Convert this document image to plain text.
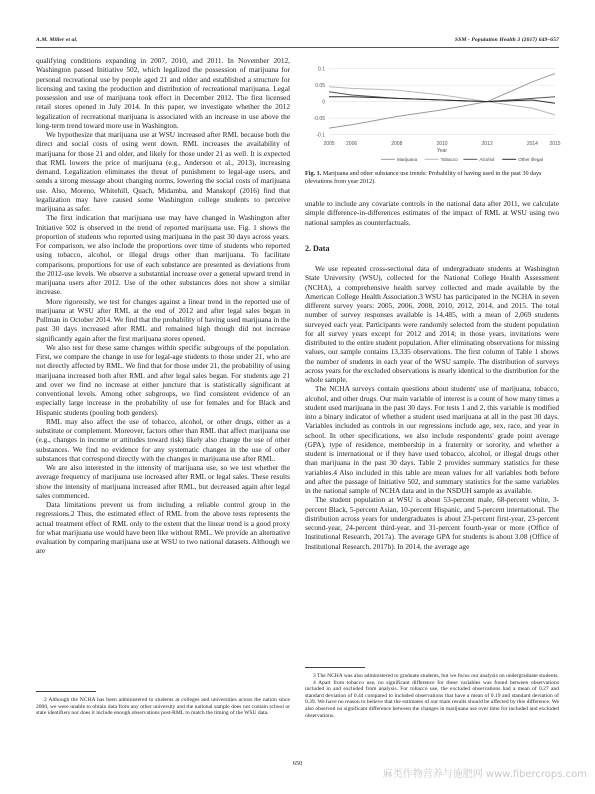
A.M. Miller et al.	SSM - Population Health 3 (2017) 649–657

qualifying conditions expanding in 2007, 2010, and 2011. In November 2012, Washington passed Initiative 502, which legalized the possession of marijuana for personal recreational use by people aged 21 and older and established a structure for licensing and taxing the production and distribution of recreational marijuana. Legal possession and use of marijuana took effect in December 2012. The first licensed retail stores opened in July 2014. In this paper, we investigate whether the 2012 legalization of recreational marijuana is associated with an increase in use above the long-term trend toward more use in Washington.

We hypothesize that marijuana use at WSU increased after RML because both the direct and social costs of using went down. RML increases the availability of marijuana for those 21 and older, and likely for those under 21 as well. It is expected that RML lowers the price of marijuana (e.g., Anderson et al., 2013), increasing demand. Legalization eliminates the threat of punishment to legal-age users, and sends a strong message about changing norms, lowering the social costs of marijuana use. Also, Moreno, Whitehill, Quach, Midamba, and Manskopf (2016) find that legalization may have caused some Washington college students to perceive marijuana as safer.

The first indication that marijuana use may have changed in Washington after Initiative 502 is observed in the trend of reported marijuana use. Fig. 1 shows the proportion of students who reported using marijuana in the past 30 days across years. For comparison, we also include the proportions over time of students who reported using tobacco, alcohol, or illegal drugs other than marijuana. To facilitate comparisons, proportions for use of each substance are presented as deviations from the 2012-use levels. We observe a substantial increase over a general upward trend in marijuana users after 2012. Use of the other substances does not show a similar increase.

More rigorously, we test for changes against a linear trend in the reported use of marijuana at WSU after RML at the end of 2012 and after legal sales began in Pullman in October 2014. We find that the probability of having used marijuana in the past 30 days increased after RML and remained high though did not increase significantly again after the first marijuana stores opened.

We also test for these same changes within specific subgroups of the population. First, we compare the change in use for legal-age students to those under 21, who are not directly affected by RML. We find that for those under 21, the probability of using marijuana increased both after RML and after legal sales began. For students age 21 and over we find no increase at either juncture that is statistically significant at conventional levels. Among other subgroups, we find consistent evidence of an especially large increase in the probability of use for females and for Black and Hispanic students (pooling both genders).

RML may also affect the use of tobacco, alcohol, or other drugs, either as a substitute or complement. Moreover, factors other than RML that affect marijuana use (e.g., changes in income or attitudes toward risk) likely also change the use of other substances. We find no evidence for any systematic changes in the use of other substances that correspond directly with the changes in marijuana use after RML.

We are also interested in the intensity of marijuana use, so we test whether the average frequency of marijuana use increased after RML or legal sales. These results show the intensity of marijuana increased after RML, but decreased again after legal sales commenced.

Data limitations prevent us from including a reliable control group in the regressions.2 Thus, the estimated effect of RML from the above tests represents the actual treatment effect of RML only to the extent that the linear trend is a good proxy for what marijuana use would have been like without RML. We provide an alternative evaluation by comparing marijuana use at WSU to two national datasets. Although we are

0.1
0.05
0
-0.05
-0.1
2005 2006	2008	2010	2012	2014 2015
Year
Marijuana	Tobacco	Alcohol	Other Illegal
Fig. 1. Marijuana and other substance use trends: Probability of having used in the past 30 days (deviations from year 2012).

unable to include any covariate controls in the national data after 2011, we calculate simple difference-in-differences estimates of the impact of RML at WSU using two national samples as counterfactuals.

2. Data

We use repeated cross-sectional data of undergraduate students at Washington State University (WSU), collected for the National College Health Assessment (NCHA), a comprehensive health survey collected and made available by the American College Health Association.3 WSU has participated in the NCHA in seven different survey years: 2005, 2006, 2008, 2010, 2012, 2014, and 2015. The total number of survey responses available is 14,485, with a mean of 2,069 students surveyed each year. Participants were randomly selected from the student population for all survey years except for 2012 and 2014; in those years, invitations were distributed to the entire student population. After eliminating observations for missing values, our sample contains 13,335 observations. The first column of Table 1 shows the number of students in each year of the WSU sample. The distribution of surveys across years for the excluded observations is nearly identical to the distribution for the whole sample.

The NCHA surveys contain questions about students' use of marijuana, tobacco, alcohol, and other drugs. Our main variable of interest is a count of how many times a student used marijuana in the past 30 days. For tests 1 and 2, this variable is modified into a binary indicator of whether a student used marijuana at all in the past 30 days. Variables included as controls in our regressions include age, sex, race, and year in school. In other specifications, we also include respondents' grade point average (GPA), type of residence, membership in a fraternity or sorority, and whether a student is international or if they have used tobacco, alcohol, or illegal drugs other than marijuana in the past 30 days. Table 2 provides summary statistics for these variables.4 Also included in this table are mean values for all variables both before and after the passage of Initiative 502, and summary statistics for the same variables in the national sample of NCHA data and in the NSDUH sample as available.

The student population at WSU is about 53-percent male, 68-percent white, 3-percent Black, 5-percent Asian, 10-percent Hispanic, and 5-percent international. The distribution across years for undergraduates is about 23-percent first-year, 23-percent second-year, 24-percent third-year, and 31-percent fourth-year or more (Office of Institutional Research, 2017a). The average GPA for students is about 3.08 (Office of Institutional Research, 2017b). In 2014, the average age

2 Although the NCHA has been administered to students at colleges and universities across the nation since 2000, we were unable to obtain data from any other university and the national sample does not contain school or state identifiers nor does it include enough observations post-RML to match the timing of the WSU data.

3 The NCHA was also administered to graduate students, but we focus our analysis on undergraduate students.

4 Apart from tobacco use, no significant difference for these variables was found between observations included in and excluded from analysis. For tobacco use, the excluded observations had a mean of 0.27 and standard deviation of 0.44 compared to included observations that have a mean of 0.19 and standard deviation of 0.39. We have no reason to believe that the estimates of our main results should be affected by this difference. We also observed no significant difference between the changes in marijuana use over time for included and excluded observations.

650
麻类作物营养与施肥网 www.fibercrops.com
